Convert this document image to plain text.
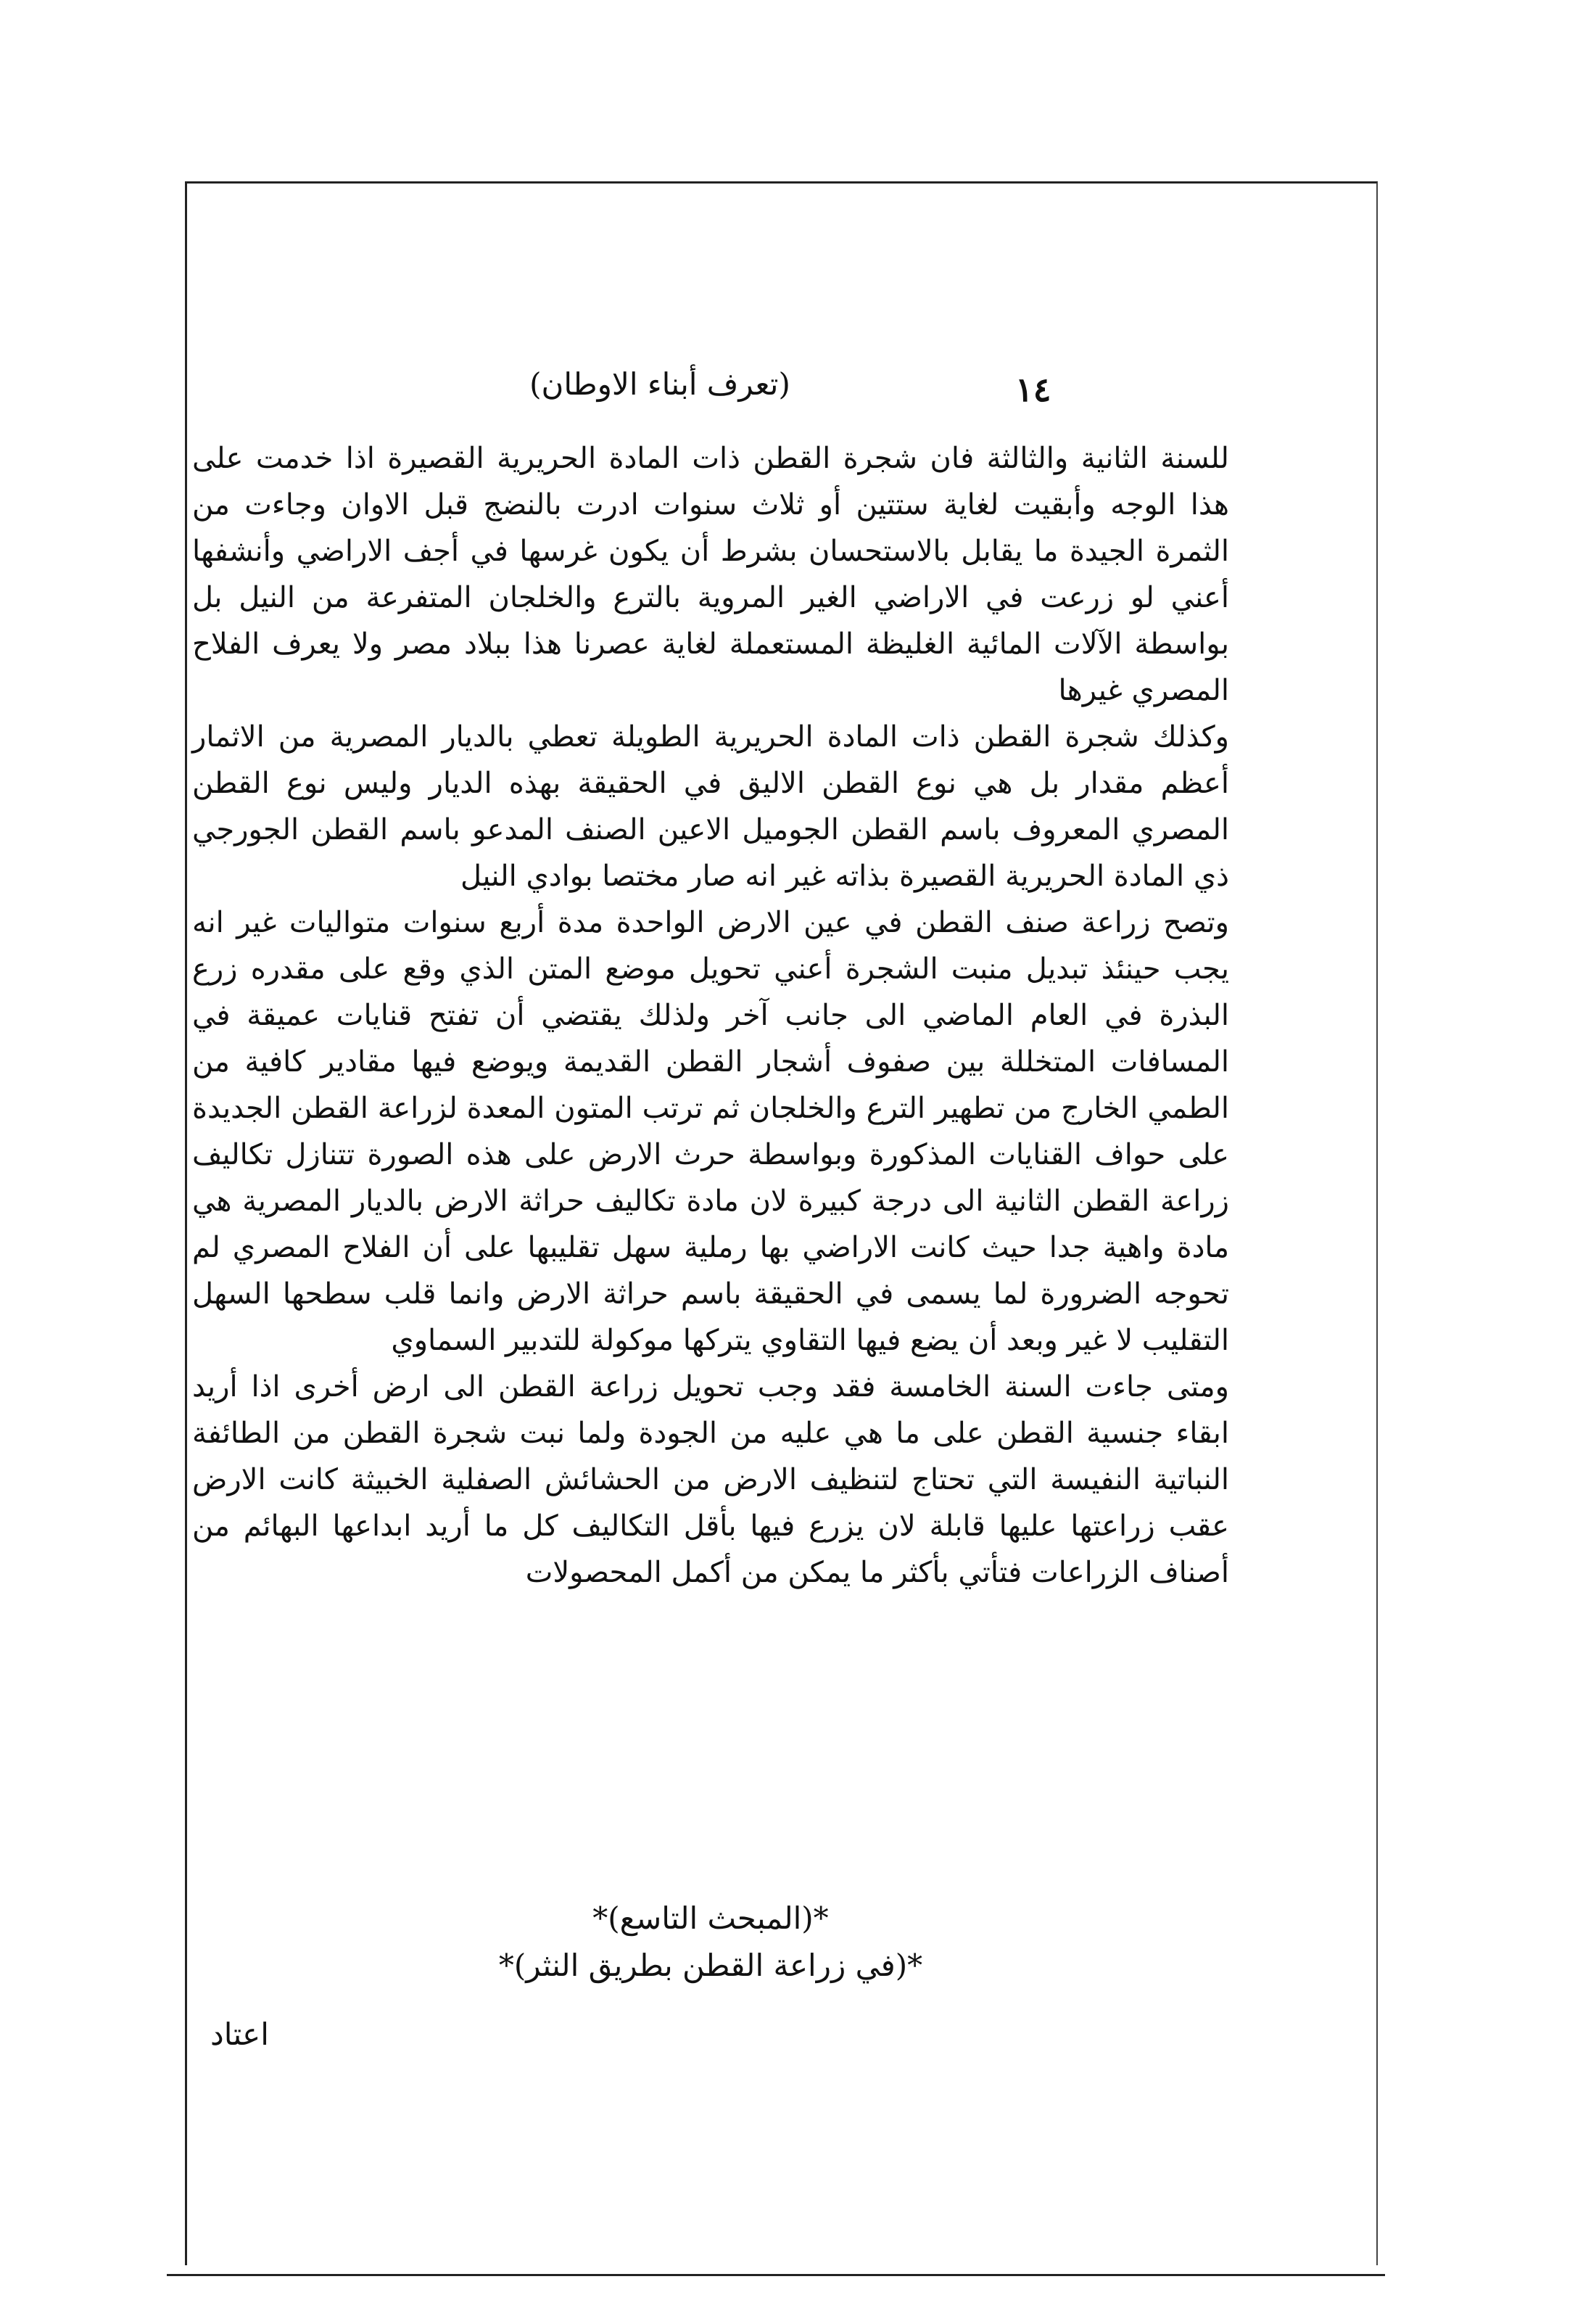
١٤
(تعرف أبناء الاوطان)

للسنة الثانية والثالثة فان شجرة القطن ذات المادة الحريرية القصيرة اذا خدمت على هذا الوجه وأبقيت لغاية ستتين أو ثلاث سنوات ادرت بالنضج قبل الاوان وجاءت من الثمرة الجيدة ما يقابل بالاستحسان بشرط أن يكون غرسها في أجف الاراضي وأنشفها أعني لو زرعت في الاراضي الغير المروية بالترع والخلجان المتفرعة من النيل بل بواسطة الآلات المائية الغليظة المستعملة لغاية عصرنا هذا ببلاد مصر ولا يعرف الفلاح المصري غيرها

وكذلك شجرة القطن ذات المادة الحريرية الطويلة تعطي بالديار المصرية من الاثمار أعظم مقدار بل هي نوع القطن الاليق في الحقيقة بهذه الديار وليس نوع القطن المصري المعروف باسم القطن الجوميل الاعين الصنف المدعو باسم القطن الجورجي ذي المادة الحريرية القصيرة بذاته غير انه صار مختصا بوادي النيل

وتصح زراعة صنف القطن في عين الارض الواحدة مدة أربع سنوات متواليات غير انه يجب حينئذ تبديل منبت الشجرة أعني تحويل موضع المتن الذي وقع على مقدره زرع البذرة في العام الماضي الى جانب آخر ولذلك يقتضي أن تفتح قنايات عميقة في المسافات المتخللة بين صفوف أشجار القطن القديمة ويوضع فيها مقادير كافية من الطمي الخارج من تطهير الترع والخلجان ثم ترتب المتون المعدة لزراعة القطن الجديدة على حواف القنايات المذكورة وبواسطة حرث الارض على هذه الصورة تتنازل تكاليف زراعة القطن الثانية الى درجة كبيرة لان مادة تكاليف حراثة الارض بالديار المصرية هي مادة واهية جدا حيث كانت الاراضي بها رملية سهل تقليبها على أن الفلاح المصري لم تحوجه الضرورة لما يسمى في الحقيقة باسم حراثة الارض وانما قلب سطحها السهل التقليب لا غير وبعد أن يضع فيها التقاوي يتركها موكولة للتدبير السماوي

ومتى جاءت السنة الخامسة فقد وجب تحويل زراعة القطن الى ارض أخرى اذا أريد ابقاء جنسية القطن على ما هي عليه من الجودة ولما نبت شجرة القطن من الطائفة النباتية النفيسة التي تحتاج لتنظيف الارض من الحشائش الصفلية الخبيثة كانت الارض عقب زراعتها عليها قابلة لان يزرع فيها بأقل التكاليف كل ما أريد ابداعها البهائم من أصناف الزراعات فتأتي بأكثر ما يمكن من أكمل المحصولات

*(المبحث التاسع)*
*(في زراعة القطن بطريق النثر)*
اعتاد
